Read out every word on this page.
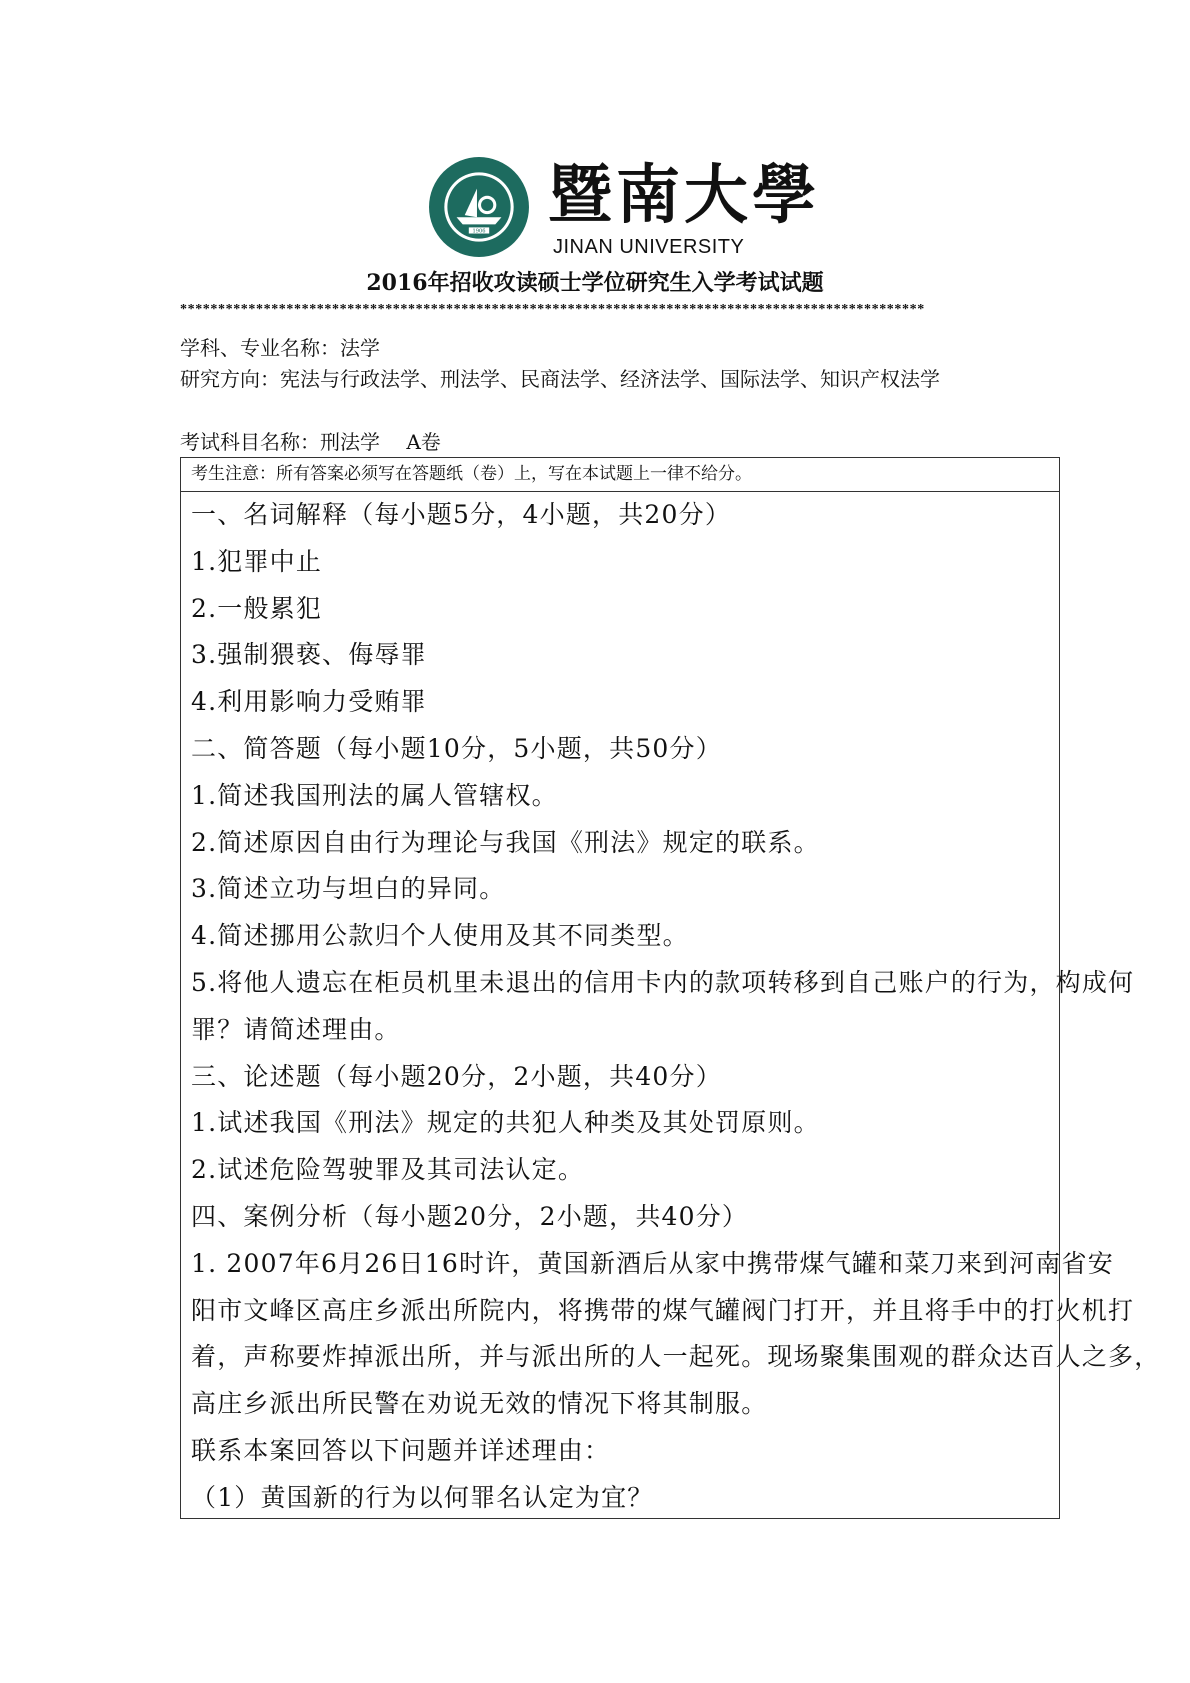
1906 暨南大學
JINAN UNIVERSITY
2016年招收攻读硕士学位研究生入学考试试题
**************************************************************************************************
学科、专业名称：法学
研究方向：宪法与行政法学、刑法学、民商法学、经济法学、国际法学、知识产权法学
考试科目名称：刑法学　 A卷
考生注意：所有答案必须写在答题纸（卷）上，写在本试题上一律不给分。
一、名词解释（每小题5分，4小题，共20分）
1.犯罪中止
2.一般累犯
3.强制猥亵、侮辱罪
4.利用影响力受贿罪
二、简答题（每小题10分，5小题，共50分）
1.简述我国刑法的属人管辖权。
2.简述原因自由行为理论与我国《刑法》规定的联系。
3.简述立功与坦白的异同。
4.简述挪用公款归个人使用及其不同类型。
5.将他人遗忘在柜员机里未退出的信用卡内的款项转移到自己账户的行为，构成何
罪？请简述理由。
三、论述题（每小题20分，2小题，共40分）
1.试述我国《刑法》规定的共犯人种类及其处罚原则。
2.试述危险驾驶罪及其司法认定。
四、案例分析（每小题20分，2小题，共40分）
1. 2007年6月26日16时许，黄国新酒后从家中携带煤气罐和菜刀来到河南省安
阳市文峰区高庄乡派出所院内，将携带的煤气罐阀门打开，并且将手中的打火机打
着，声称要炸掉派出所，并与派出所的人一起死。现场聚集围观的群众达百人之多，
高庄乡派出所民警在劝说无效的情况下将其制服。
联系本案回答以下问题并详述理由：
（1）黄国新的行为以何罪名认定为宜？
